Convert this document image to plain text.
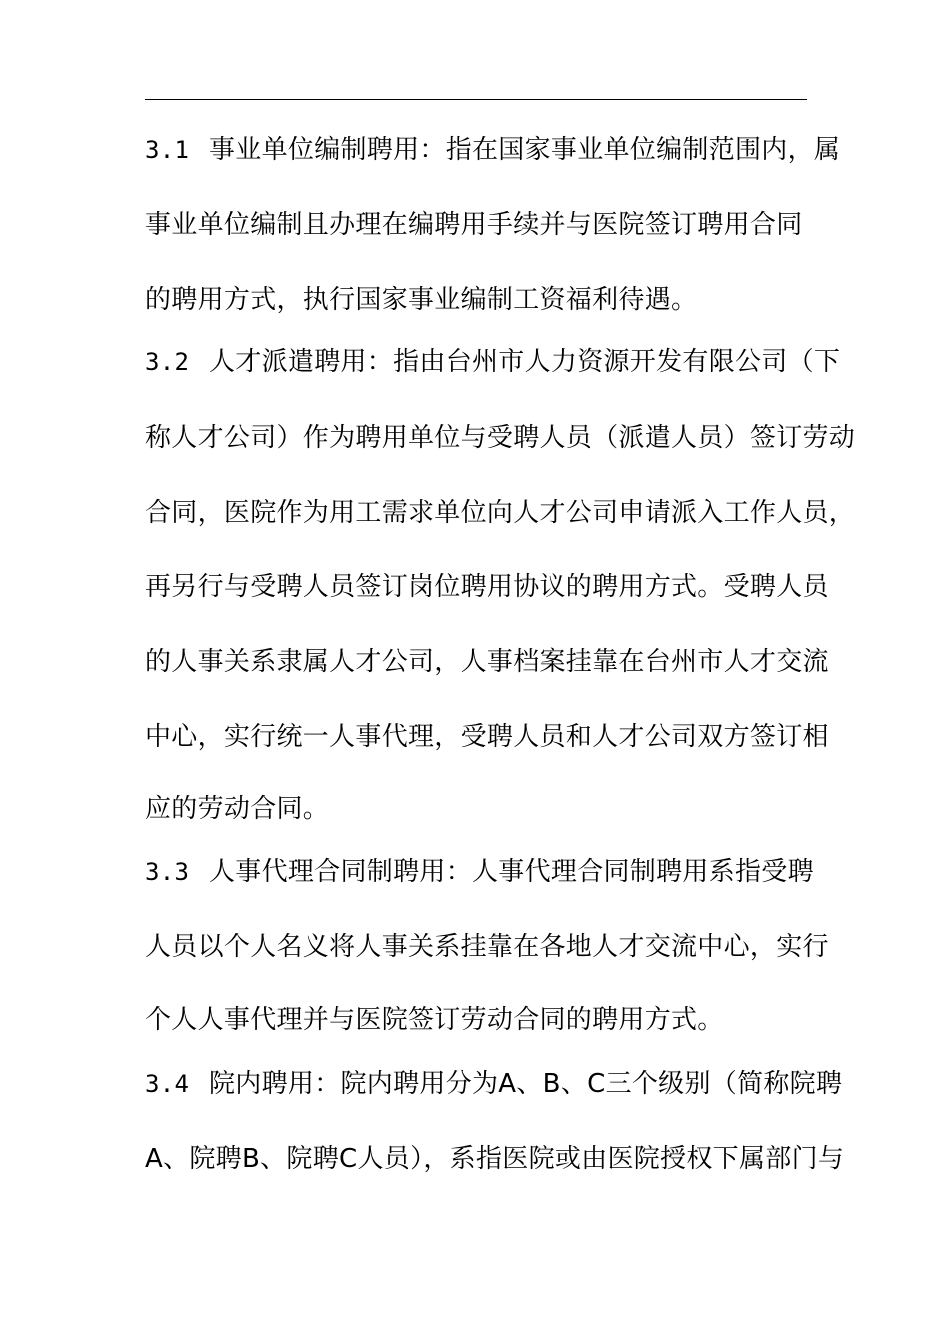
3.1 事业单位编制聘用：指在国家事业单位编制范围内，属
事业单位编制且办理在编聘用手续并与医院签订聘用合同
的聘用方式，执行国家事业编制工资福利待遇。
3.2 人才派遣聘用：指由台州市人力资源开发有限公司（下
称人才公司）作为聘用单位与受聘人员（派遣人员）签订劳动
合同，医院作为用工需求单位向人才公司申请派入工作人员，
再另行与受聘人员签订岗位聘用协议的聘用方式。受聘人员
的人事关系隶属人才公司，人事档案挂靠在台州市人才交流
中心，实行统一人事代理，受聘人员和人才公司双方签订相
应的劳动合同。
3.3 人事代理合同制聘用：人事代理合同制聘用系指受聘
人员以个人名义将人事关系挂靠在各地人才交流中心，实行
个人人事代理并与医院签订劳动合同的聘用方式。
3.4 院内聘用：院内聘用分为A、B、C三个级别（简称院聘
A、院聘B、院聘C人员），系指医院或由医院授权下属部门与
